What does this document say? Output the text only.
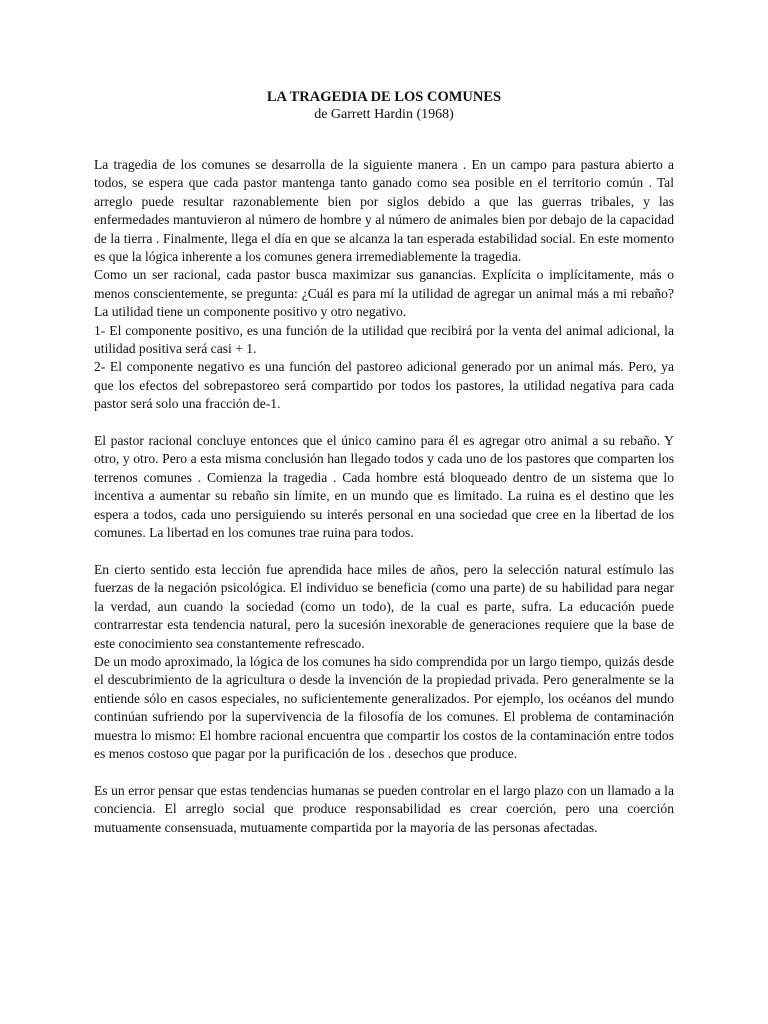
LA TRAGEDIA DE LOS COMUNES

de Garrett Hardin (1968)

La tragedia de los comunes se desarrolla de la siguiente manera . En un campo para pastura abierto a todos, se espera que cada pastor mantenga tanto ganado como sea posible en el territorio común . Tal arreglo puede resultar razonablemente bien por siglos debido a que las guerras tribales, y las enfermedades mantuvieron al número de hombre y al número de animales bien por debajo de la capacidad de la tierra . Finalmente, llega el día en que se alcanza la tan esperada estabilidad social. En este momento es que la lógica inherente a los comunes genera irremediablemente la tragedia.

Como un ser racional, cada pastor busca maximizar sus ganancias. Explícita o implícitamente, más o menos conscientemente, se pregunta: ¿Cuál es para mí la utilidad de agregar un animal más a mi rebaño? La utilidad tiene un componente positivo y otro negativo.

1- El componente positivo, es una función de la utilidad que recibirá por la venta del animal adicional, la utilidad positiva será casi + 1.

2- El componente negativo es una función del pastoreo adicional generado por un animal más. Pero, ya que los efectos del sobrepastoreo será compartido por todos los pastores, la utilidad negativa para cada pastor será solo una fracción de-1.

El pastor racional concluye entonces que el único camino para él es agregar otro animal a su rebaño. Y otro, y otro. Pero a esta misma conclusión han llegado todos y cada uno de los pastores que comparten los terrenos comunes . Comienza la tragedia . Cada hombre está bloqueado dentro de un sistema que lo incentiva a aumentar su rebaño sin límite, en un mundo que es limitado. La ruina es el destino que les espera a todos, cada uno persiguiendo su interés personal en una sociedad que cree en la libertad de los comunes. La libertad en los comunes trae ruina para todos.

En cierto sentido esta lección fue aprendida hace miles de años, pero la selección natural estímulo las fuerzas de la negación psicológica. El individuo se beneficia (como una parte) de su habilidad para negar la verdad, aun cuando la sociedad (como un todo), de la cual es parte, sufra. La educación puede contrarrestar esta tendencia natural, pero la sucesión inexorable de generaciones requiere que la base de este conocimiento sea constantemente refrescado.

De un modo aproximado, la lógica de los comunes ha sido comprendida por un largo tiempo, quizás desde el descubrimiento de la agricultura o desde la invención de la propiedad privada. Pero generalmente se la entiende sólo en casos especiales, no suficientemente generalizados. Por ejemplo, los océanos del mundo continúan sufriendo por la supervivencia de la filosofía de los comunes. El problema de contaminación muestra lo mismo: El hombre racional encuentra que compartir los costos de la contaminación entre todos es menos costoso que pagar por la purificación de los . desechos que produce.

Es un error pensar que estas tendencias humanas se pueden controlar en el largo plazo con un llamado a la conciencia. El arreglo social que produce responsabilidad es crear coerción, pero una coerción mutuamente consensuada, mutuamente compartida por la mayoría de las personas afectadas.
